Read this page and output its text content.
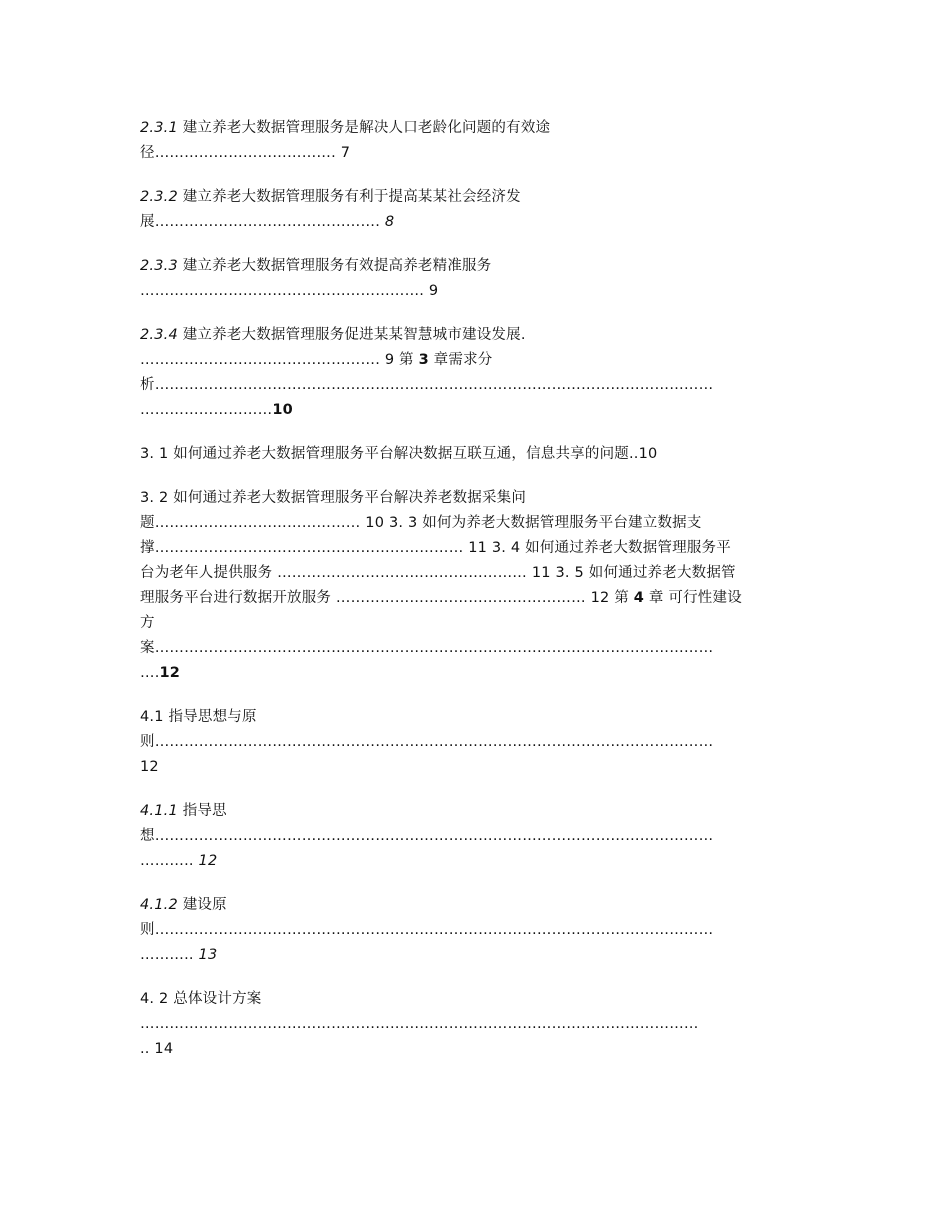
2.3.1 建立养老大数据管理服务是解决人口老龄化问题的有效途
径………………………………. 7
2.3.2 建立养老大数据管理服务有利于提高某某社会经济发
展………………………………………. 8
2.3.3 建立养老大数据管理服务有效提高养老精准服务
…………………………………………………. 9
2.3.4 建立养老大数据管理服务促进某某智慧城市建设发展.
…………………………………………. 9 第 3 章需求分
析……………………………………………………………………………………………………
………………………10
3. 1 如何通过养老大数据管理服务平台解决数据互联互通，信息共享的问题..10
3. 2 如何通过养老大数据管理服务平台解决养老数据采集问
题…………………………………… 10 3. 3 如何为养老大数据管理服务平台建立数据支
撑……………………………………………………… 11 3. 4 如何通过养老大数据管理服务平
台为老年人提供服务 …………………………………………… 11 3. 5 如何通过养老大数据管
理服务平台进行数据开放服务 …………………………………………… 12 第 4 章 可行性建设
方
案……………………………………………………………………………………………………
….12
4.1 指导思想与原
则……………………………………………………………………………………………………
12
4.1.1 指导思
想……………………………………………………………………………………………………
……….. 12
4.1.2 建设原
则……………………………………………………………………………………………………
……….. 13
4. 2 总体设计方案
……………………………………………………………………………………………………
.. 14
